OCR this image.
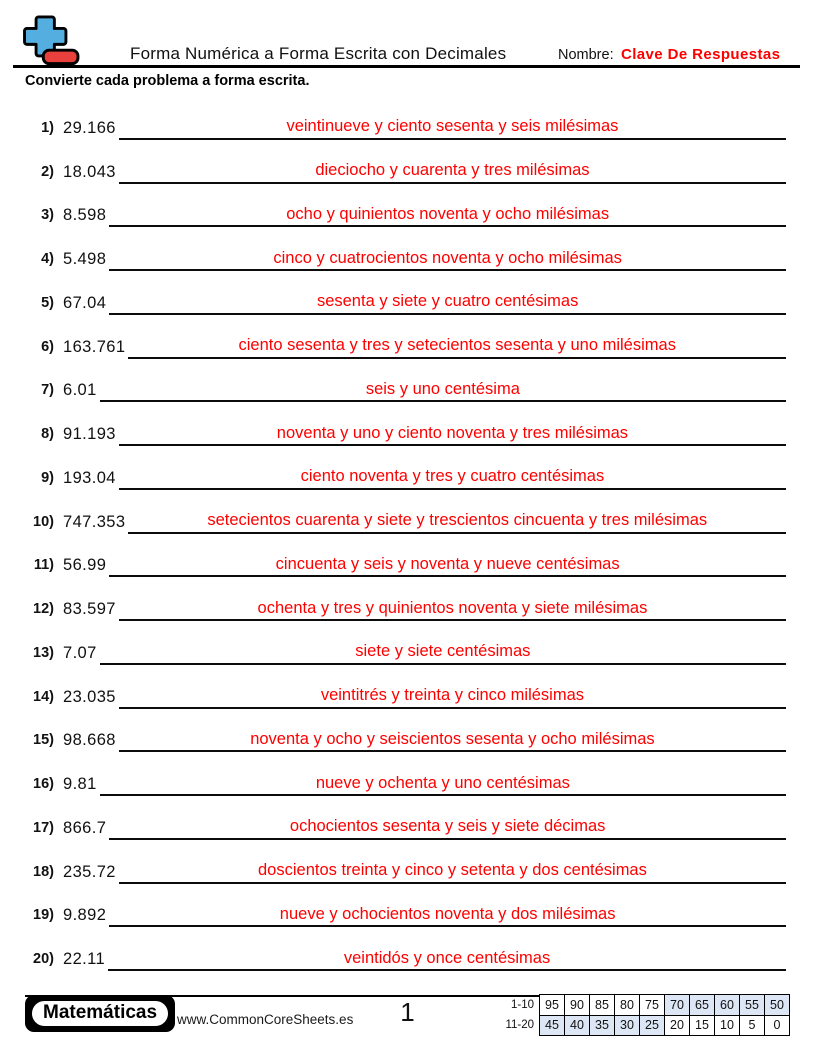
Forma Numérica a Forma Escrita con Decimales	Nombre: Clave De Respuestas
Convierte cada problema a forma escrita.
1) 29.166	veintinueve y ciento sesenta y seis milésimas
2) 18.043	dieciocho y cuarenta y tres milésimas
3) 8.598	ocho y quinientos noventa y ocho milésimas
4) 5.498	cinco y cuatrocientos noventa y ocho milésimas
5) 67.04	sesenta y siete y cuatro centésimas
6) 163.761	ciento sesenta y tres y setecientos sesenta y uno milésimas
7) 6.01	seis y uno centésima
8) 91.193	noventa y uno y ciento noventa y tres milésimas
9) 193.04	ciento noventa y tres y cuatro centésimas
10) 747.353	setecientos cuarenta y siete y trescientos cincuenta y tres milésimas
11) 56.99	cincuenta y seis y noventa y nueve centésimas
12) 83.597	ochenta y tres y quinientos noventa y siete milésimas
13) 7.07	siete y siete centésimas
14) 23.035	veintitrés y treinta y cinco milésimas
15) 98.668	noventa y ocho y seiscientos sesenta y ocho milésimas
16) 9.81	nueve y ochenta y uno centésimas
17) 866.7	ochocientos sesenta y seis y siete décimas
18) 235.72	doscientos treinta y cinco y setenta y dos centésimas
19) 9.892	nueve y ochocientos noventa y dos milésimas
20) 22.11	veintidós y once centésimas
Matemáticas	www.CommonCoreSheets.es 1	1-10	95	90	85	80	75	70	65	60	55	50
11-20	45	40	35	30	25	20	15	10	5	0
